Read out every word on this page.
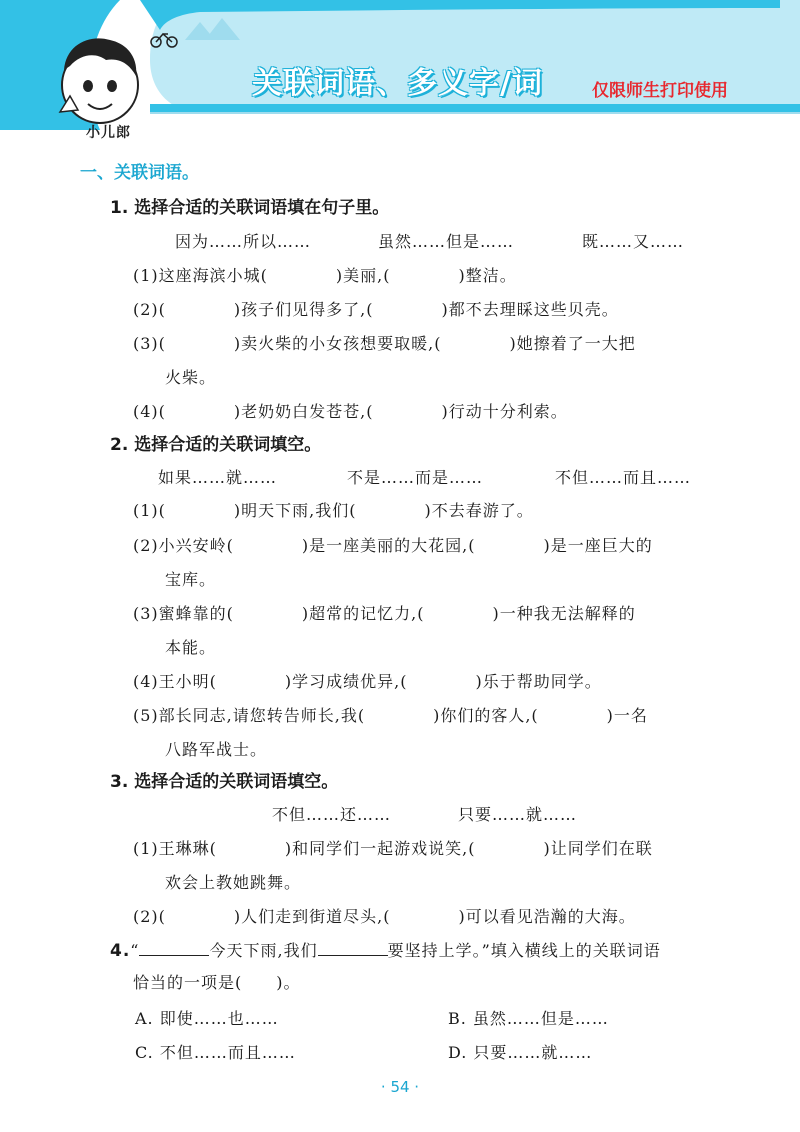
小儿郎
关联词语、多义字/词	仅限师生打印使用
一、关联词语。
1. 选择合适的关联词语填在句子里。
因为……所以……	虽然……但是……	既……又……
(1)这座海滨小城(　　　　)美丽,(　　　　)整洁。
(2)(　　　　)孩子们见得多了,(　　　　)都不去理睬这些贝壳。
(3)(　　　　)卖火柴的小女孩想要取暖,(　　　　)她擦着了一大把
火柴。
(4)(　　　　)老奶奶白发苍苍,(　　　　)行动十分利索。
2. 选择合适的关联词填空。
如果……就……	不是……而是……	不但……而且……
(1)(　　　　)明天下雨,我们(　　　　)不去春游了。
(2)小兴安岭(　　　　)是一座美丽的大花园,(　　　　)是一座巨大的
宝库。
(3)蜜蜂靠的(　　　　)超常的记忆力,(　　　　)一种我无法解释的
本能。
(4)王小明(　　　　)学习成绩优异,(　　　　)乐于帮助同学。
(5)部长同志,请您转告师长,我(　　　　)你们的客人,(　　　　)一名
八路军战士。
3. 选择合适的关联词语填空。
不但……还……	只要……就……
(1)王琳琳(　　　　)和同学们一起游戏说笑,(　　　　)让同学们在联
欢会上教她跳舞。
(2)(　　　　)人们走到街道尽头,(　　　　)可以看见浩瀚的大海。
4.“	今天下雨,我们	要坚持上学。”填入横线上的关联词语
恰当的一项是(　　)。
A. 即使……也……	B. 虽然……但是……
C. 不但……而且……	D. 只要……就……
· 54 ·
